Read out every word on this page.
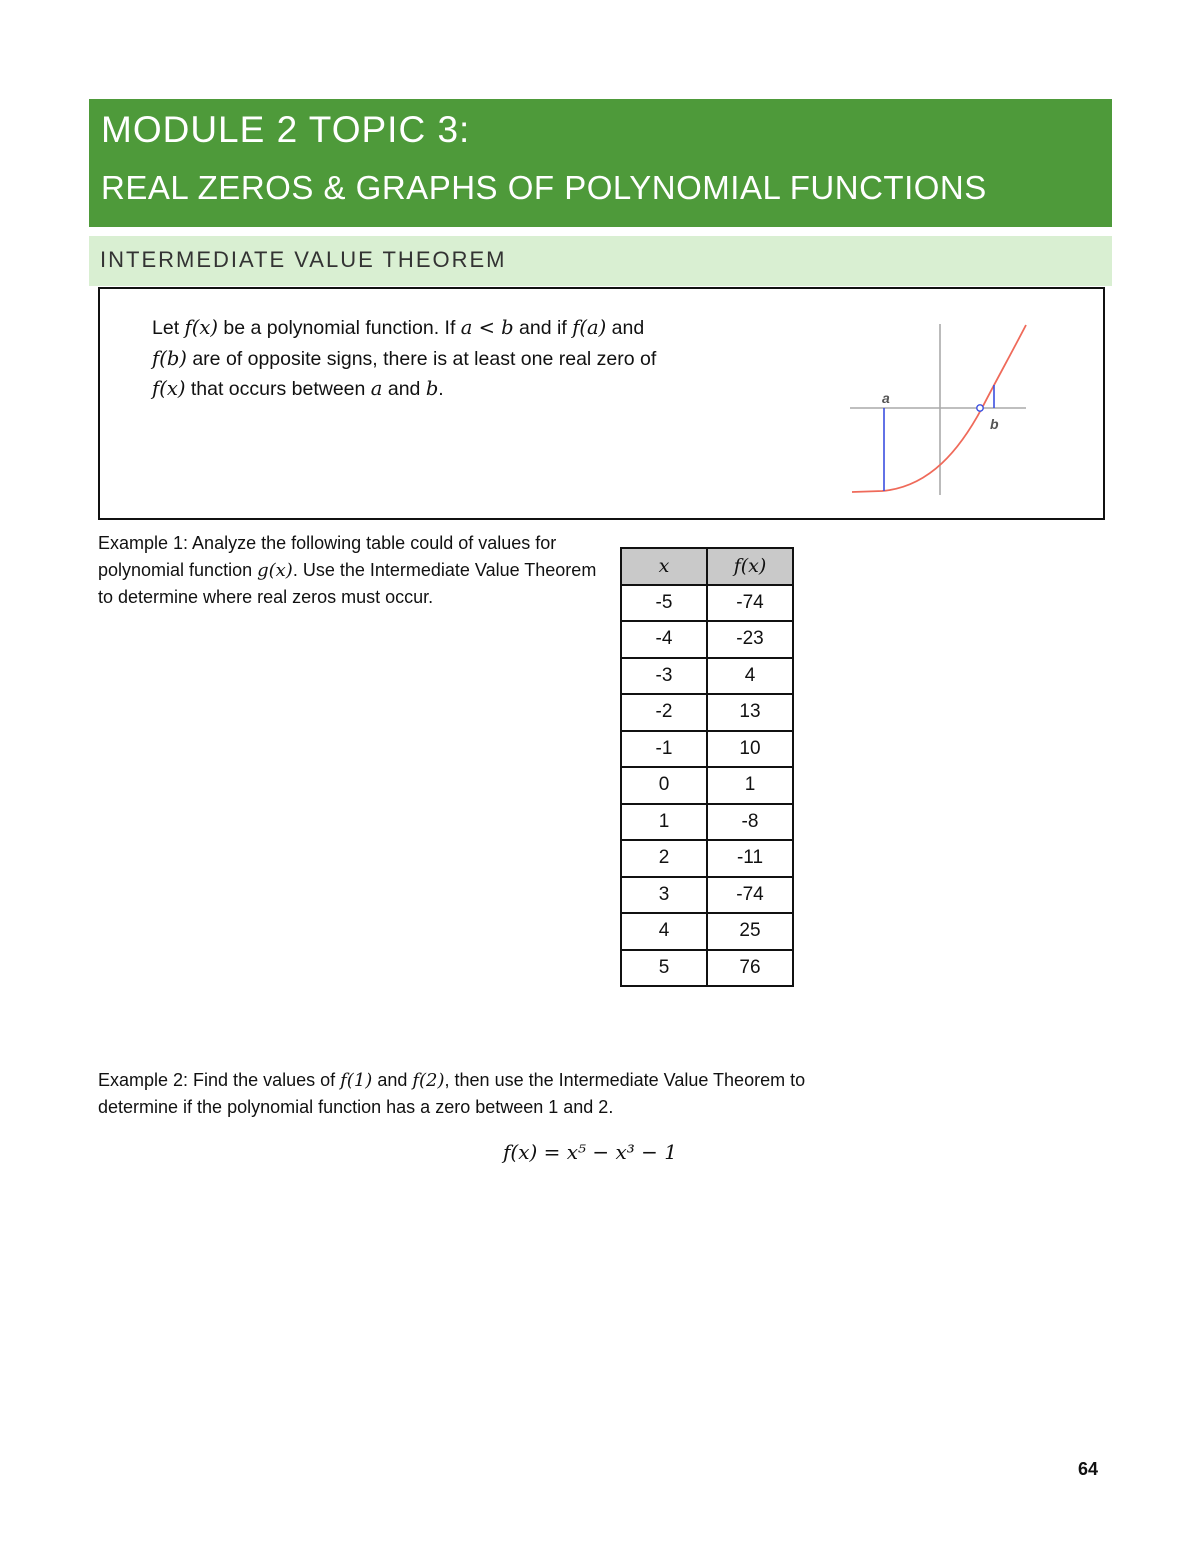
MODULE 2 TOPIC 3:
REAL ZEROS & GRAPHS OF POLYNOMIAL FUNCTIONS
INTERMEDIATE VALUE THEOREM
Let f(x) be a polynomial function. If a < b and if f(a) and
f(b) are of opposite signs, there is at least one real zero of
f(x) that occurs between a and b.	a
b
Example 1: Analyze the following table could of values for polynomial function g(x). Use the Intermediate Value Theorem to determine where real zeros must occur.
x	f(x)
-5	-74
-4	-23
-3	4
-2	13
-1	10
0	1
1	-8
2	-11
3	-74
4	25
5	76
Example 2: Find the values of f(1) and f(2), then use the Intermediate Value Theorem to determine if the polynomial function has a zero between 1 and 2.
f(x) = x⁵ − x³ − 1
64
